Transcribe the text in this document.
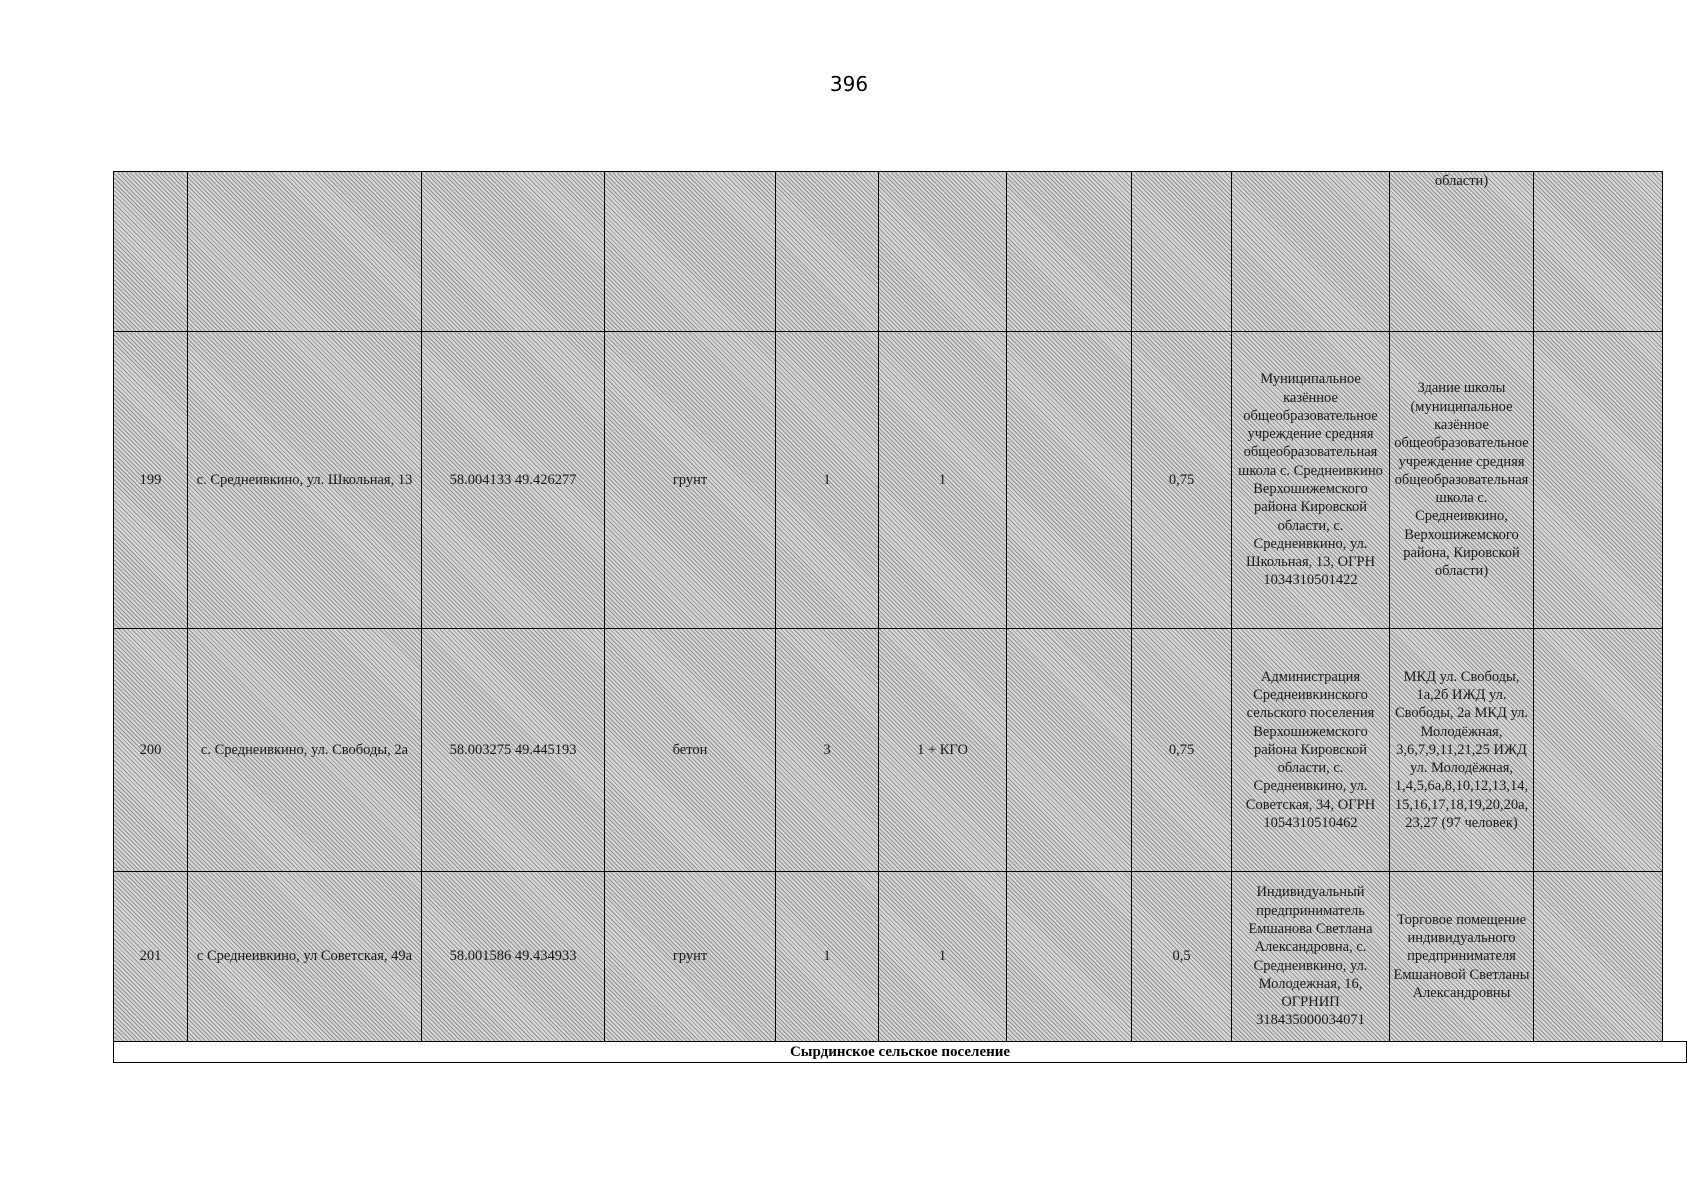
396
									области)	
199	с. Среднеивкино, ул. Школьная, 13	58.004133 49.426277	грунт	1	1		0,75	Муниципальное казённое общеобразовательное учреждение средняя общеобразовательная школа с. Среднеивкино Верхошижемского района Кировской области, с. Среднеивкино, ул. Школьная, 13, ОГРН 1034310501422	Здание школы (муниципальное казённое общеобразовательное учреждение средняя общеобразовательная школа с. Среднеивкино, Верхошижемского района, Кировской области)	
200	с. Среднеивкино, ул. Свободы, 2а	58.003275 49.445193	бетон	3	1 + КГО		0,75	Администрация Среднеивкинского сельского поселения Верхошижемского района Кировской области, с. Среднеивкино, ул. Советская, 34, ОГРН 1054310510462	МКД ул. Свободы, 1а,2б ИЖД ул. Свободы, 2а МКД ул. Молодёжная, 3,6,7,9,11,21,25 ИЖД ул. Молодёжная, 1,4,5,6а,8,10,12,13,14,15,16,17,18,19,20,20а,23,27 (97 человек)	
201	с Среднеивкино, ул Советская, 49а	58.001586 49.434933	грунт	1	1		0,5	Индивидуальный предприниматель Емшанова Светлана Александровна, с. Среднеивкино, ул. Молодежная, 16, ОГРНИП 318435000034071	Торговое помещение индивидуального предпринимателя Емшановой Светланы Александровны	
Сырдинское сельское поселение
